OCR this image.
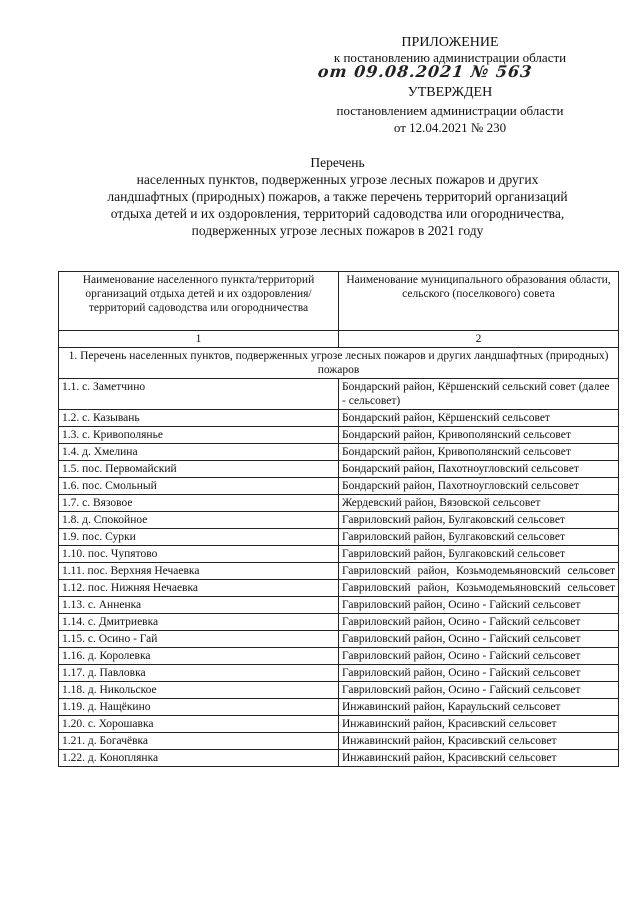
ПРИЛОЖЕНИЕ
к постановлению администрации области
от 09.08.2021 № 563
УТВЕРЖДЕН
постановлением администрации области
от 12.04.2021 № 230
Перечень
населенных пунктов, подверженных угрозе лесных пожаров и других
ландшафтных (природных) пожаров, а также перечень территорий организаций
отдыха детей и их оздоровления, территорий садоводства или огородничества,
подверженных угрозе лесных пожаров в 2021 году
Наименование населенного пункта/территорий организаций отдыха детей и их оздоровления/территорий садоводства или огородничества	Наименование муниципального образования области, сельского (поселкового) совета
1	2
1. Перечень населенных пунктов, подверженных угрозе лесных пожаров и других ландшафтных (природных) пожаров	
1.1. с. Заметчино	Бондарский район, Кёршенский сельский совет (далее - сельсовет)
1.2. с. Казывань	Бондарский район, Кёршенский сельсовет
1.3. с. Кривополянье	Бондарский район, Кривополянский сельсовет
1.4. д. Хмелина	Бондарский район, Кривополянский сельсовет
1.5. пос. Первомайский	Бондарский район, Пахотноугловский сельсовет
1.6. пос. Смольный	Бондарский район, Пахотноугловский сельсовет
1.7. с. Вязовое	Жердевский район, Вязовской сельсовет
1.8. д. Спокойное	Гавриловский район, Булгаковский сельсовет
1.9. пос. Сурки	Гавриловский район, Булгаковский сельсовет
1.10. пос. Чупятово	Гавриловский район, Булгаковский сельсовет
1.11. пос. Верхняя Нечаевка	Гавриловский район, Козьмодемьяновский сельсовет
1.12. пос. Нижняя Нечаевка	Гавриловский район, Козьмодемьяновский сельсовет
1.13. с. Анненка	Гавриловский район, Осино - Гайский сельсовет
1.14. с. Дмитриевка	Гавриловский район, Осино - Гайский сельсовет
1.15. с. Осино - Гай	Гавриловский район, Осино - Гайский сельсовет
1.16. д. Королевка	Гавриловский район, Осино - Гайский сельсовет
1.17. д. Павловка	Гавриловский район, Осино - Гайский сельсовет
1.18. д. Никольское	Гавриловский район, Осино - Гайский сельсовет
1.19. д. Нащёкино	Инжавинский район, Караульский сельсовет
1.20. с. Хорошавка	Инжавинский район, Красивский сельсовет
1.21. д. Богачёвка	Инжавинский район, Красивский сельсовет
1.22. д. Коноплянка	Инжавинский район, Красивский сельсовет
